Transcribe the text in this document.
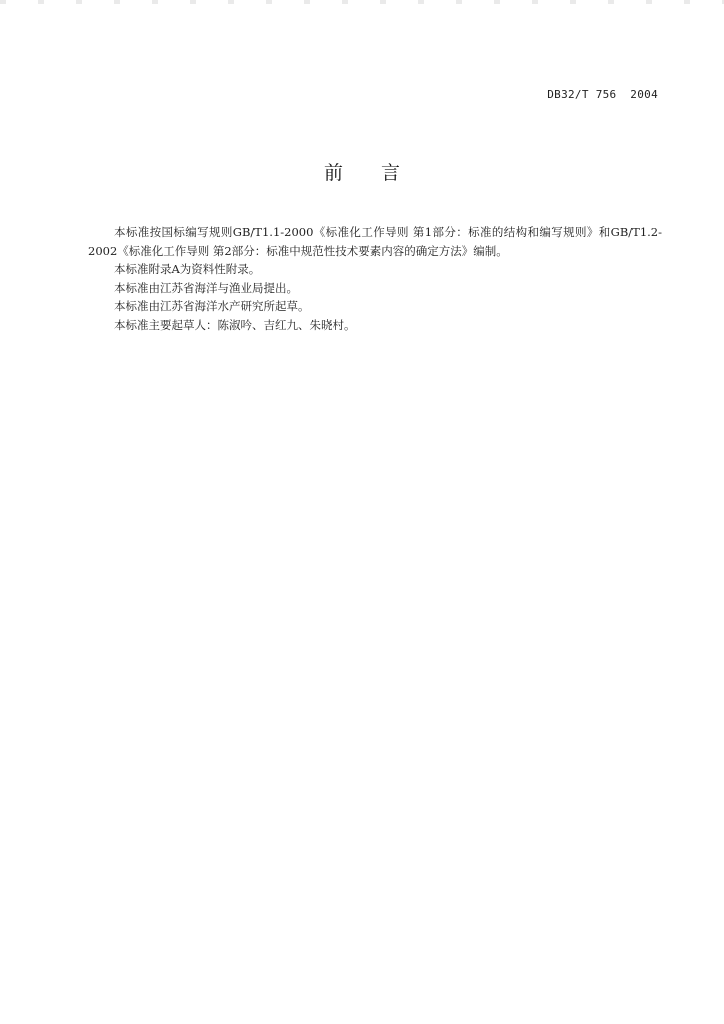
DB32/T 756  2004
前言

本标准按国标编写规则GB/T1.1-2000《标准化工作导则 第1部分：标准的结构和编写规则》和GB/T1.2-2002《标准化工作导则 第2部分：标准中规范性技术要素内容的确定方法》编制。

本标准附录A为资料性附录。

本标准由江苏省海洋与渔业局提出。

本标准由江苏省海洋水产研究所起草。

本标准主要起草人：陈淑吟、吉红九、朱晓村。
